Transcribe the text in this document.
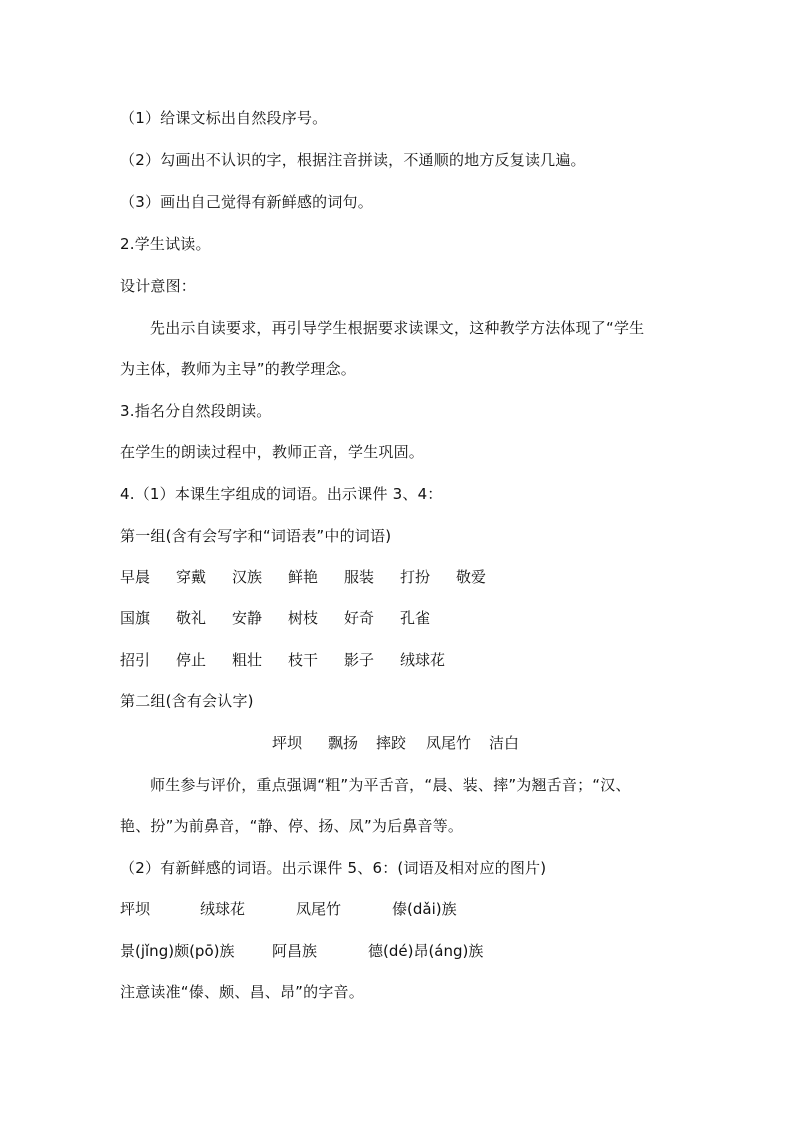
（1）给课文标出自然段序号。
（2）勾画出不认识的字，根据注音拼读，不通顺的地方反复读几遍。
（3）画出自己觉得有新鲜感的词句。
2.学生试读。
设计意图：
先出示自读要求，再引导学生根据要求读课文，这种教学方法体现了“学生
为主体，教师为主导”的教学理念。
3.指名分自然段朗读。
在学生的朗读过程中，教师正音，学生巩固。
4.（1）本课生字组成的词语。出示课件 3、4：
第一组(含有会写字和“词语表”中的词语)
早晨 穿戴 汉族 鲜艳 服装 打扮 敬爱
国旗 敬礼 安静 树枝 好奇 孔雀
招引 停止 粗壮 枝干 影子 绒球花
第二组(含有会认字)
坪坝 飘扬 摔跤 凤尾竹 洁白
师生参与评价，重点强调“粗”为平舌音，“晨、装、摔”为翘舌音；“汉、
艳、扮”为前鼻音，“静、停、扬、凤”为后鼻音等。
（2）有新鲜感的词语。出示课件 5、6：(词语及相对应的图片)
坪坝	绒球花	凤尾竹	傣(dǎi)族
景(jǐng)颇(pō)族	阿昌族	德(dé)昂(áng)族
注意读准“傣、颇、昌、昂”的字音。
